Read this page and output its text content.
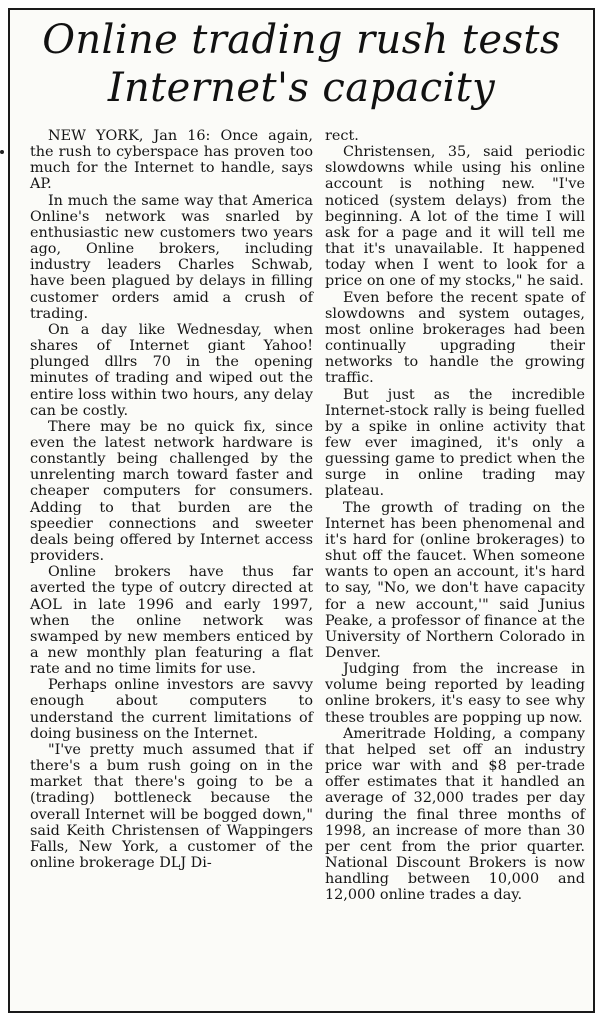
Online trading rush tests
Internet's capacity

NEW YORK, Jan 16: Once again, the rush to cyberspace has proven too much for the Internet to handle, says AP.

In much the same way that America Online's network was snarled by enthusiastic new customers two years ago, Online brokers, including industry leaders Charles Schwab, have been plagued by delays in filling customer orders amid a crush of trading.

On a day like Wednesday, when shares of Internet giant Yahoo! plunged dllrs 70 in the opening minutes of trading and wiped out the entire loss within two hours, any delay can be costly.

There may be no quick fix, since even the latest network hardware is constantly being challenged by the unrelenting march toward faster and cheaper computers for consumers. Adding to that burden are the speedier connections and sweeter deals being offered by Internet access providers.

Online brokers have thus far averted the type of outcry directed at AOL in late 1996 and early 1997, when the online network was swamped by new members enticed by a new monthly plan featuring a flat rate and no time limits for use.

Perhaps online investors are savvy enough about computers to understand the current limitations of doing business on the Internet.

"I've pretty much assumed that if there's a bum rush going on in the market that there's going to be a (trading) bottleneck because the overall Internet will be bogged down," said Keith Christensen of Wappingers Falls, New York, a customer of the online brokerage DLJ Di-

rect.

Christensen, 35, said periodic slowdowns while using his online account is nothing new. "I've noticed (system delays) from the beginning. A lot of the time I will ask for a page and it will tell me that it's unavailable. It happened today when I went to look for a price on one of my stocks," he said.

Even before the recent spate of slowdowns and system outages, most online brokerages had been continually upgrading their networks to handle the growing traffic.

But just as the incredible Internet-stock rally is being fuelled by a spike in online activity that few ever imagined, it's only a guessing game to predict when the surge in online trading may plateau.

The growth of trading on the Internet has been phenomenal and it's hard for (online brokerages) to shut off the faucet. When someone wants to open an account, it's hard to say, "No, we don't have capacity for a new account,'" said Junius Peake, a professor of finance at the University of Northern Colorado in Denver.

Judging from the increase in volume being reported by leading online brokers, it's easy to see why these troubles are popping up now.

Ameritrade Holding, a company that helped set off an industry price war with and $8 per-trade offer estimates that it handled an average of 32,000 trades per day during the final three months of 1998, an increase of more than 30 per cent from the prior quarter. National Discount Brokers is now handling between 10,000 and 12,000 online trades a day.
